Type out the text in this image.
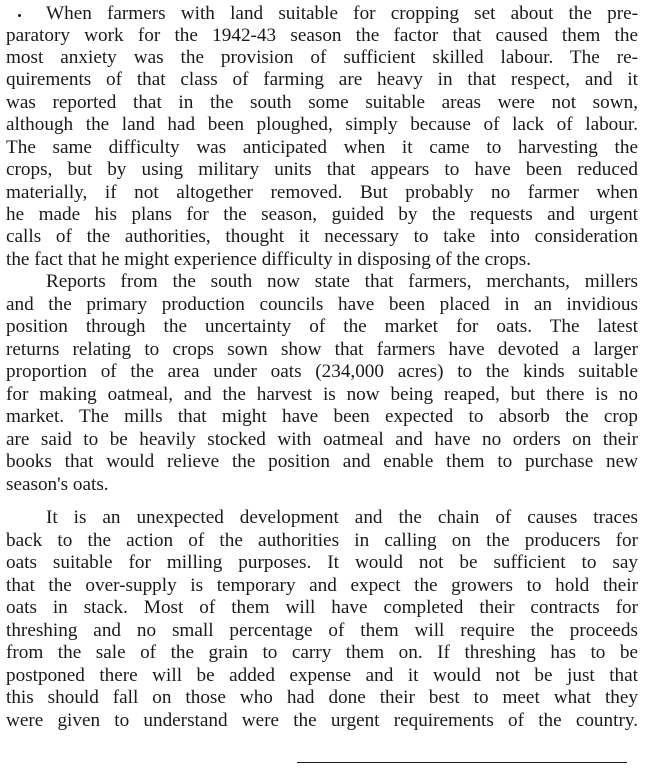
When farmers with land suitable for cropping set about the pre-

paratory work for the 1942-43 season the factor that caused them the

most anxiety was the provision of sufficient skilled labour. The re-

quirements of that class of farming are heavy in that respect, and it

was reported that in the south some suitable areas were not sown,

although the land had been ploughed, simply because of lack of labour.

The same difficulty was anticipated when it came to harvesting the

crops, but by using military units that appears to have been reduced

materially, if not altogether removed. But probably no farmer when

he made his plans for the season, guided by the requests and urgent

calls of the authorities, thought it necessary to take into consideration

the fact that he might experience difficulty in disposing of the crops.

Reports from the south now state that farmers, merchants, millers

and the primary production councils have been placed in an invidious

position through the uncertainty of the market for oats. The latest

returns relating to crops sown show that farmers have devoted a larger

proportion of the area under oats (234,000 acres) to the kinds suitable

for making oatmeal, and the harvest is now being reaped, but there is no

market. The mills that might have been expected to absorb the crop

are said to be heavily stocked with oatmeal and have no orders on their

books that would relieve the position and enable them to purchase new

season's oats.

It is an unexpected development and the chain of causes traces

back to the action of the authorities in calling on the producers for

oats suitable for milling purposes. It would not be sufficient to say

that the over-supply is temporary and expect the growers to hold their

oats in stack. Most of them will have completed their contracts for

threshing and no small percentage of them will require the proceeds

from the sale of the grain to carry them on. If threshing has to be

postponed there will be added expense and it would not be just that

this should fall on those who had done their best to meet what they

were given to understand were the urgent requirements of the country.
